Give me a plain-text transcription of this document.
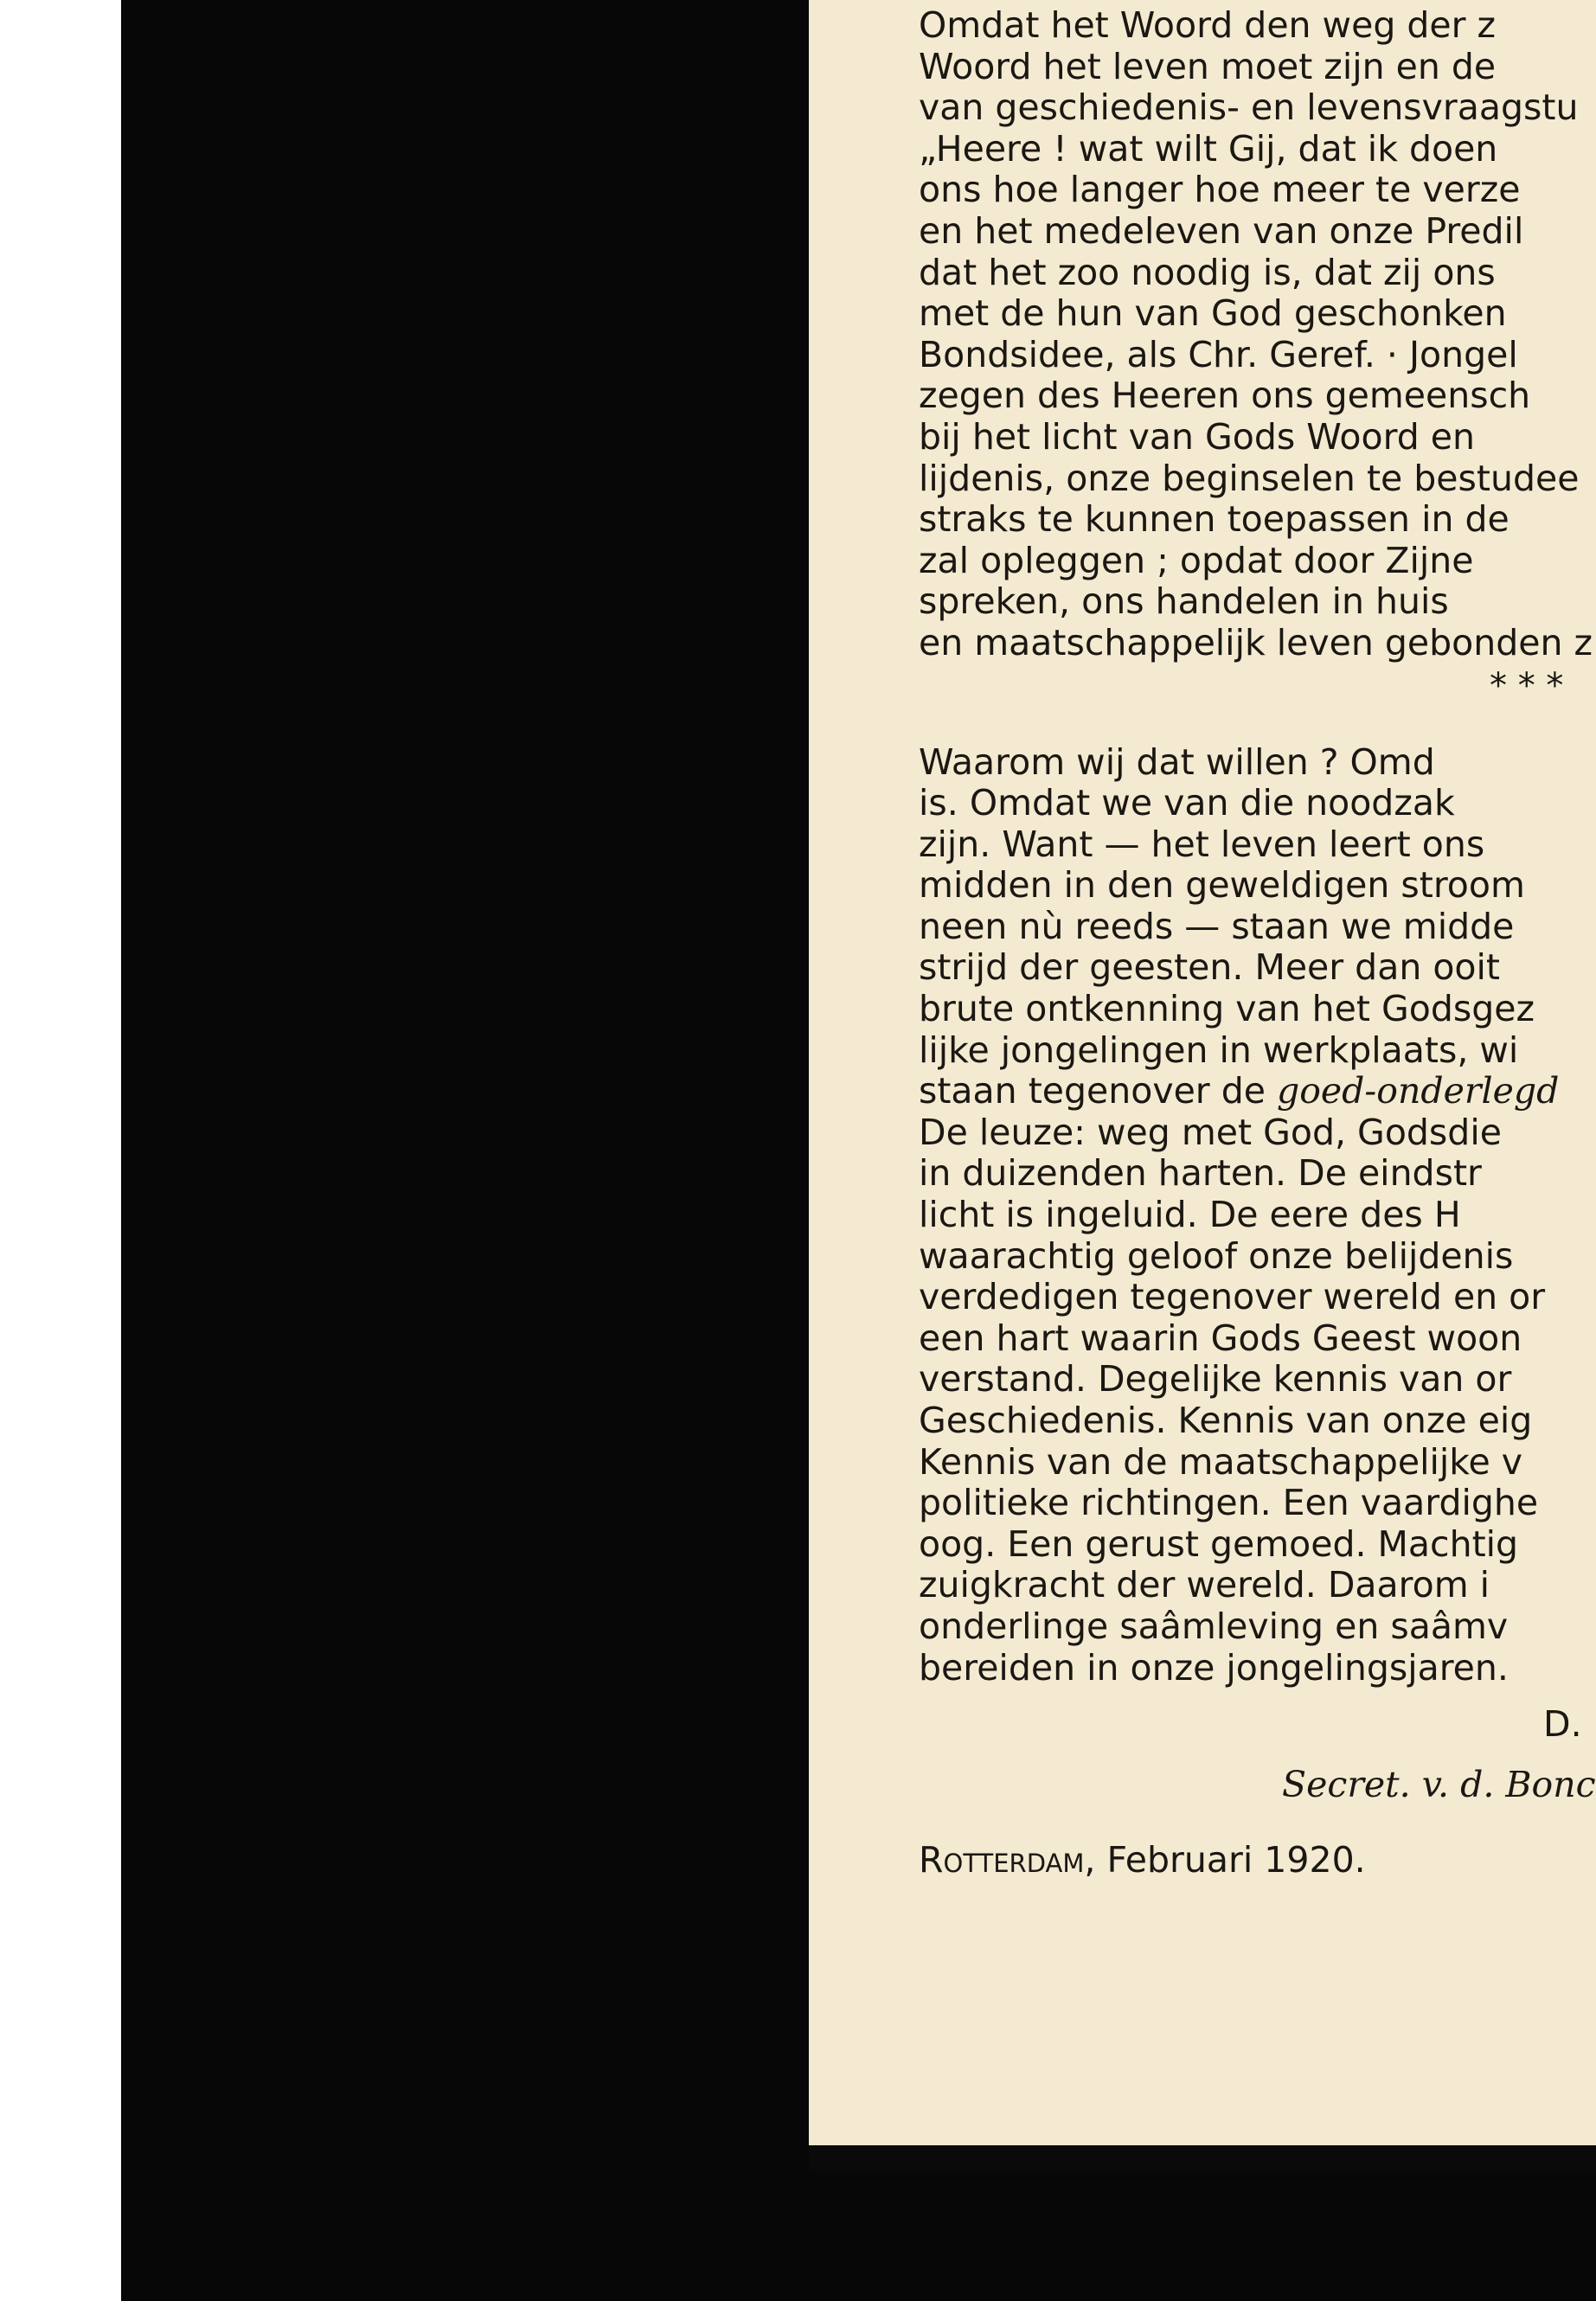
Omdat het Woord den weg der z
Woord het leven moet zijn en de
van geschiedenis- en levensvraagstu
„Heere ! wat wilt Gij, dat ik doen
ons hoe langer hoe meer te verze
en het medeleven van onze Predil
dat het zoo noodig is, dat zij ons
met de hun van God geschonken
Bondsidee, als Chr. Geref. · Jongel
zegen des Heeren ons gemeensch
bij het licht van Gods Woord en
lijdenis, onze beginselen te bestudee
straks te kunnen toepassen in de
zal opleggen ; opdat door Zijne
spreken, ons handelen in huis
en maatschappelijk leven gebonden z
* * *
Waarom wij dat willen ? Omd
is. Omdat we van die noodzak
zijn. Want — het leven leert ons
midden in den geweldigen stroom
neen nù reeds — staan we midde
strijd der geesten. Meer dan ooit
brute ontkenning van het Godsgez
lijke jongelingen in werkplaats, wi
staan tegenover de goed-onderlegd
De leuze: weg met God, Godsdie
in duizenden harten. De eindstr
licht is ingeluid. De eere des H
waarachtig geloof onze belijdenis
verdedigen tegenover wereld en or
een hart waarin Gods Geest woon
verstand. Degelijke kennis van or
Geschiedenis. Kennis van onze eig
Kennis van de maatschappelijke v
politieke richtingen. Een vaardighe
oog. Een gerust gemoed. Machtig
zuigkracht der wereld. Daarom i
onderlinge saâmleving en saâmv
bereiden in onze jongelingsjaren.
D.
Secret. v. d. Bonc
Rotterdam, Februari 1920.
